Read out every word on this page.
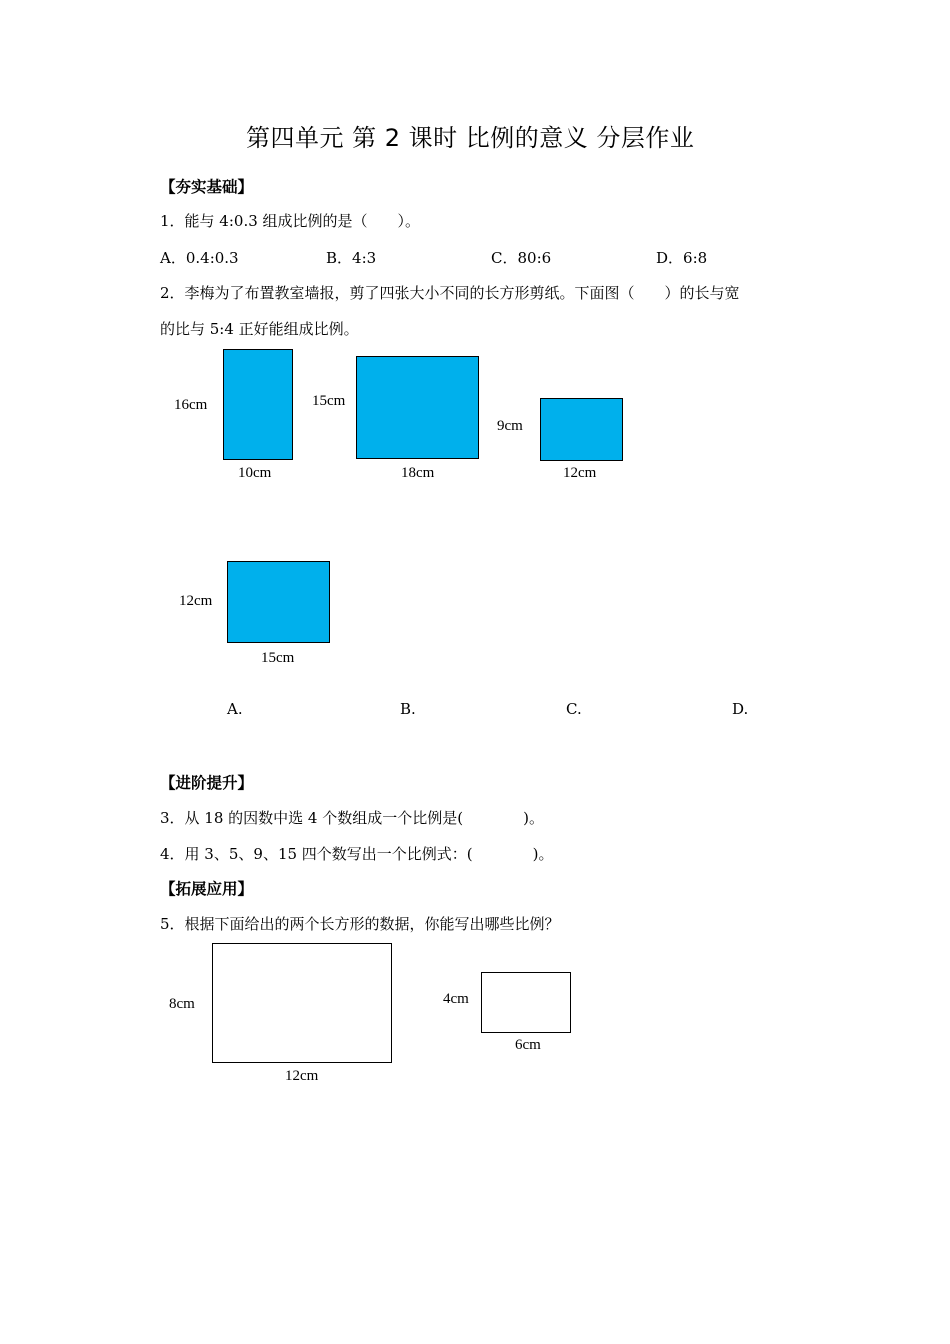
第四单元 第 2 课时 比例的意义 分层作业
【夯实基础】
1．能与 4:0.3 组成比例的是（　　）。
A．0.4:0.3	B．4:3	C．80:6	D．6:8
2．李梅为了布置教室墙报，剪了四张大小不同的长方形剪纸。下面图（　　）的长与宽
的比与 5:4 正好能组成比例。
16cm
10cm
15cm
18cm
9cm
12cm
12cm
15cm
A.	B.	C.	D.
【进阶提升】
3．从 18 的因数中选 4 个数组成一个比例是(　　　　)。
4．用 3、5、9、15 四个数写出一个比例式：(　　　　)。
【拓展应用】
5．根据下面给出的两个长方形的数据，你能写出哪些比例？
8cm
12cm
4cm
6cm
